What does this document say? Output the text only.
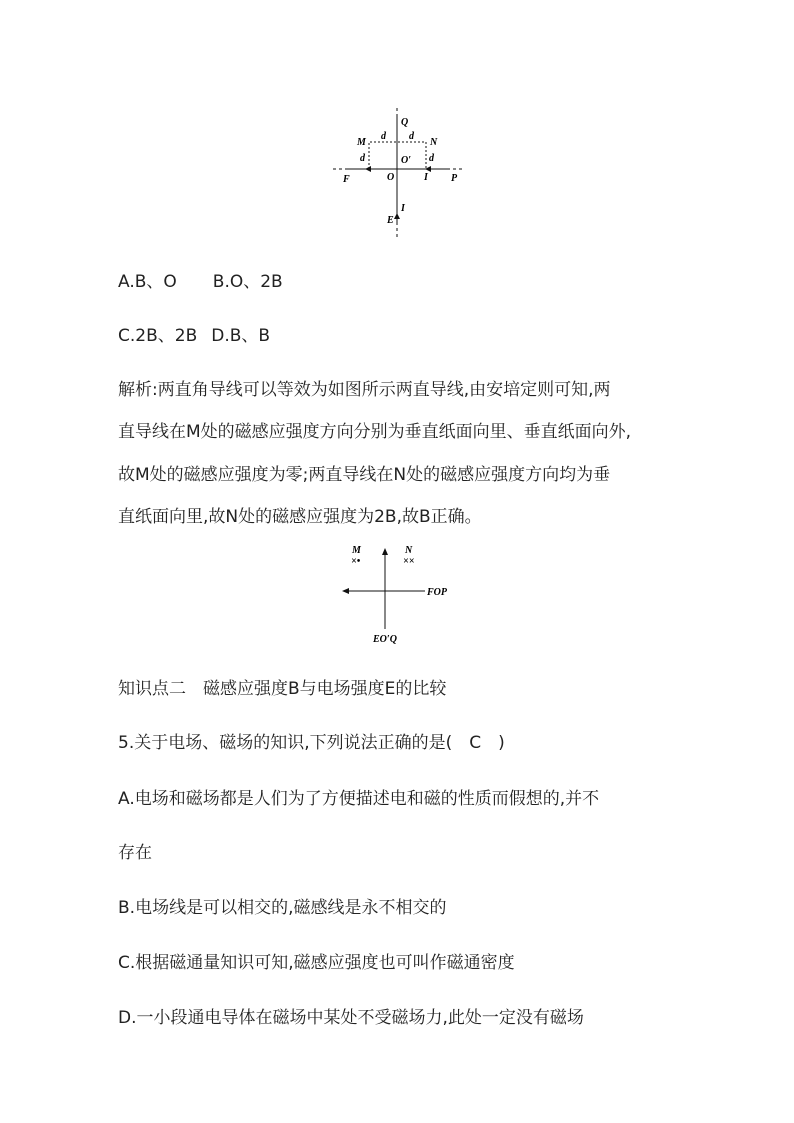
Q
M	N
d d
d	d
O′
F	O	I P
E
I
A.B、O B.O、2B
C.2B、2B D.B、B
解析:两直角导线可以等效为如图所示两直导线,由安培定则可知,两
直导线在M处的磁感应强度方向分别为垂直纸面向里、垂直纸面向外,
故M处的磁感应强度为零;两直导线在N处的磁感应强度方向均为垂
直纸面向里,故N处的磁感应强度为2B,故B正确。
M
×•
N
××
FOP
EO′Q
知识点二　磁感应强度B与电场强度E的比较
5.关于电场、磁场的知识,下列说法正确的是(　C　)
A.电场和磁场都是人们为了方便描述电和磁的性质而假想的,并不
存在
B.电场线是可以相交的,磁感线是永不相交的
C.根据磁通量知识可知,磁感应强度也可叫作磁通密度
D.一小段通电导体在磁场中某处不受磁场力,此处一定没有磁场
